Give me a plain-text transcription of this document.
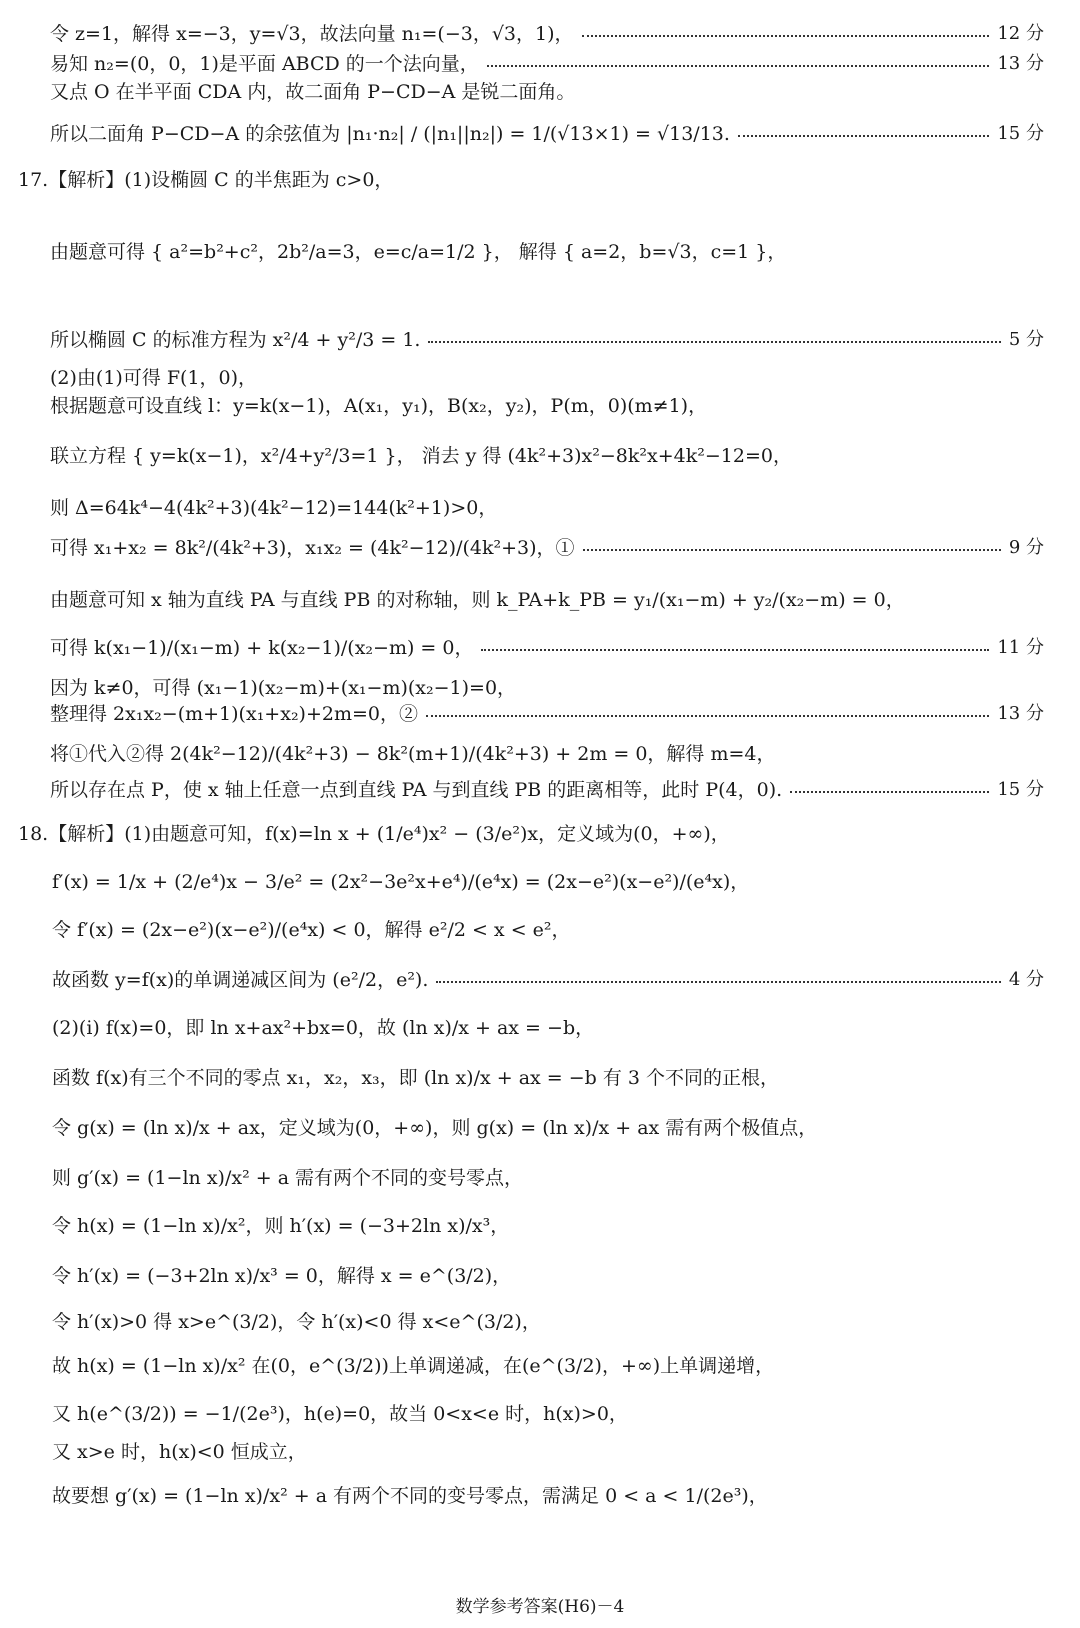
令 z=1，解得 x=−3，y=√3，故法向量 n₁=(−3，√3，1)，	12 分
易知 n₂=(0，0，1)是平面 ABCD 的一个法向量，	13 分
又点 O 在半平面 CDA 内，故二面角 P−CD−A 是锐二面角。
所以二面角 P−CD−A 的余弦值为 |n₁·n₂| / (|n₁||n₂|) = 1/(√13×1) = √13/13.	15 分
17.【解析】(1)设椭圆 C 的半焦距为 c>0，
由题意可得 { a²=b²+c²，2b²/a=3，e=c/a=1/2 }， 解得 { a=2，b=√3，c=1 }，
所以椭圆 C 的标准方程为 x²/4 + y²/3 = 1.	5 分
(2)由(1)可得 F(1，0)，
根据题意可设直线 l：y=k(x−1)，A(x₁，y₁)，B(x₂，y₂)，P(m，0)(m≠1)，
联立方程 { y=k(x−1)，x²/4+y²/3=1 }， 消去 y 得 (4k²+3)x²−8k²x+4k²−12=0，
则 Δ=64k⁴−4(4k²+3)(4k²−12)=144(k²+1)>0，
可得 x₁+x₂ = 8k²/(4k²+3)，x₁x₂ = (4k²−12)/(4k²+3)，①	9 分
由题意可知 x 轴为直线 PA 与直线 PB 的对称轴，则 k_PA+k_PB = y₁/(x₁−m) + y₂/(x₂−m) = 0，
可得 k(x₁−1)/(x₁−m) + k(x₂−1)/(x₂−m) = 0，	11 分
因为 k≠0，可得 (x₁−1)(x₂−m)+(x₁−m)(x₂−1)=0，
整理得 2x₁x₂−(m+1)(x₁+x₂)+2m=0，②	13 分
将①代入②得 2(4k²−12)/(4k²+3) − 8k²(m+1)/(4k²+3) + 2m = 0，解得 m=4，
所以存在点 P，使 x 轴上任意一点到直线 PA 与到直线 PB 的距离相等，此时 P(4，0).	15 分
18.【解析】(1)由题意可知，f(x)=ln x + (1/e⁴)x² − (3/e²)x，定义域为(0，+∞)，
f′(x) = 1/x + (2/e⁴)x − 3/e² = (2x²−3e²x+e⁴)/(e⁴x) = (2x−e²)(x−e²)/(e⁴x)，
令 f′(x) = (2x−e²)(x−e²)/(e⁴x) < 0，解得 e²/2 < x < e²，
故函数 y=f(x)的单调递减区间为 (e²/2，e²).	4 分
(2)(ⅰ) f(x)=0，即 ln x+ax²+bx=0，故 (ln x)/x + ax = −b，
函数 f(x)有三个不同的零点 x₁，x₂，x₃，即 (ln x)/x + ax = −b 有 3 个不同的正根，
令 g(x) = (ln x)/x + ax，定义域为(0，+∞)，则 g(x) = (ln x)/x + ax 需有两个极值点，
则 g′(x) = (1−ln x)/x² + a 需有两个不同的变号零点，
令 h(x) = (1−ln x)/x²，则 h′(x) = (−3+2ln x)/x³，
令 h′(x) = (−3+2ln x)/x³ = 0，解得 x = e^(3/2)，
令 h′(x)>0 得 x>e^(3/2)，令 h′(x)<0 得 x<e^(3/2)，
故 h(x) = (1−ln x)/x² 在(0，e^(3/2))上单调递减，在(e^(3/2)，+∞)上单调递增，
又 h(e^(3/2)) = −1/(2e³)，h(e)=0，故当 0<x<e 时，h(x)>0，
又 x>e 时，h(x)<0 恒成立，
故要想 g′(x) = (1−ln x)/x² + a 有两个不同的变号零点，需满足 0 < a < 1/(2e³)，
数学参考答案(H6)－4
